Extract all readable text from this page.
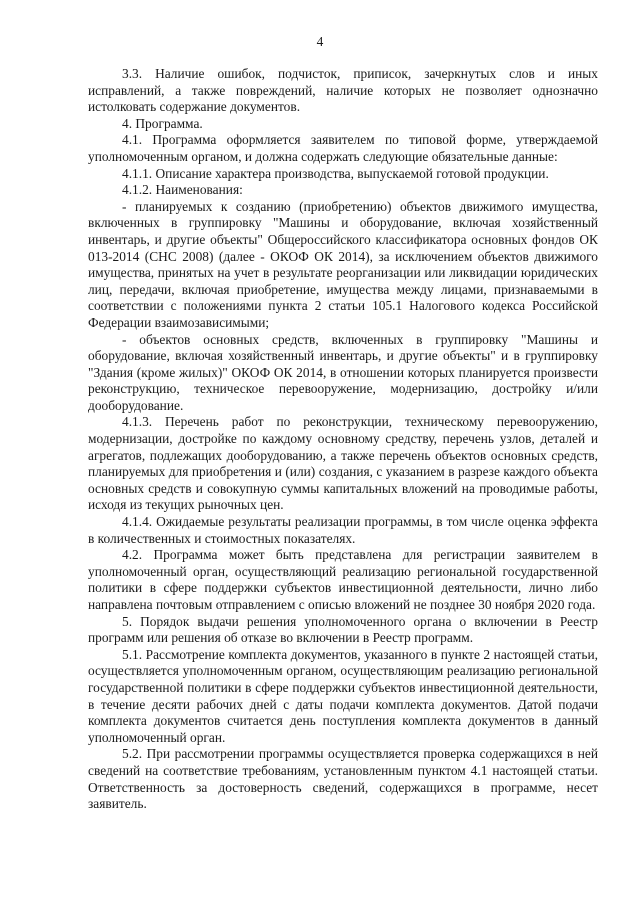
4

3.3. Наличие ошибок, подчисток, приписок, зачеркнутых слов и иных исправлений, а также повреждений, наличие которых не позволяет однозначно истолковать содержание документов.

4. Программа.

4.1. Программа оформляется заявителем по типовой форме, утверждаемой уполномоченным органом, и должна содержать следующие обязательные данные:

4.1.1. Описание характера производства, выпускаемой готовой продукции.

4.1.2. Наименования:

- планируемых к созданию (приобретению) объектов движимого имущества, включенных в группировку "Машины и оборудование, включая хозяйственный инвентарь, и другие объекты" Общероссийского классификатора основных фондов ОК 013-2014 (СНС 2008) (далее - ОКОФ ОК 2014), за исключением объектов движимого имущества, принятых на учет в результате реорганизации или ликвидации юридических лиц, передачи, включая приобретение, имущества между лицами, признаваемыми в соответствии с положениями пункта 2 статьи 105.1 Налогового кодекса Российской Федерации взаимозависимыми;

- объектов основных средств, включенных в группировку "Машины и оборудование, включая хозяйственный инвентарь, и другие объекты" и в группировку "Здания (кроме жилых)" ОКОФ ОК 2014, в отношении которых планируется произвести реконструкцию, техническое перевооружение, модернизацию, достройку и/или дооборудование.

4.1.3. Перечень работ по реконструкции, техническому перевооружению, модернизации, достройке по каждому основному средству, перечень узлов, деталей и агрегатов, подлежащих дооборудованию, а также перечень объектов основных средств, планируемых для приобретения и (или) создания, с указанием в разрезе каждого объекта основных средств и совокупную суммы капитальных вложений на проводимые работы, исходя из текущих рыночных цен.

4.1.4. Ожидаемые результаты реализации программы, в том числе оценка эффекта в количественных и стоимостных показателях.

4.2. Программа может быть представлена для регистрации заявителем в уполномоченный орган, осуществляющий реализацию региональной государственной политики в сфере поддержки субъектов инвестиционной деятельности, лично либо направлена почтовым отправлением с описью вложений не позднее 30 ноября 2020 года.

5. Порядок выдачи решения уполномоченного органа о включении в Реестр программ или решения об отказе во включении в Реестр программ.

5.1. Рассмотрение комплекта документов, указанного в пункте 2 настоящей статьи, осуществляется уполномоченным органом, осуществляющим реализацию региональной государственной политики в сфере поддержки субъектов инвестиционной деятельности, в течение десяти рабочих дней с даты подачи комплекта документов. Датой подачи комплекта документов считается день поступления комплекта документов в данный уполномоченный орган.

5.2. При рассмотрении программы осуществляется проверка содержащихся в ней сведений на соответствие требованиям, установленным пунктом 4.1 настоящей статьи. Ответственность за достоверность сведений, содержащихся в программе, несет заявитель.
